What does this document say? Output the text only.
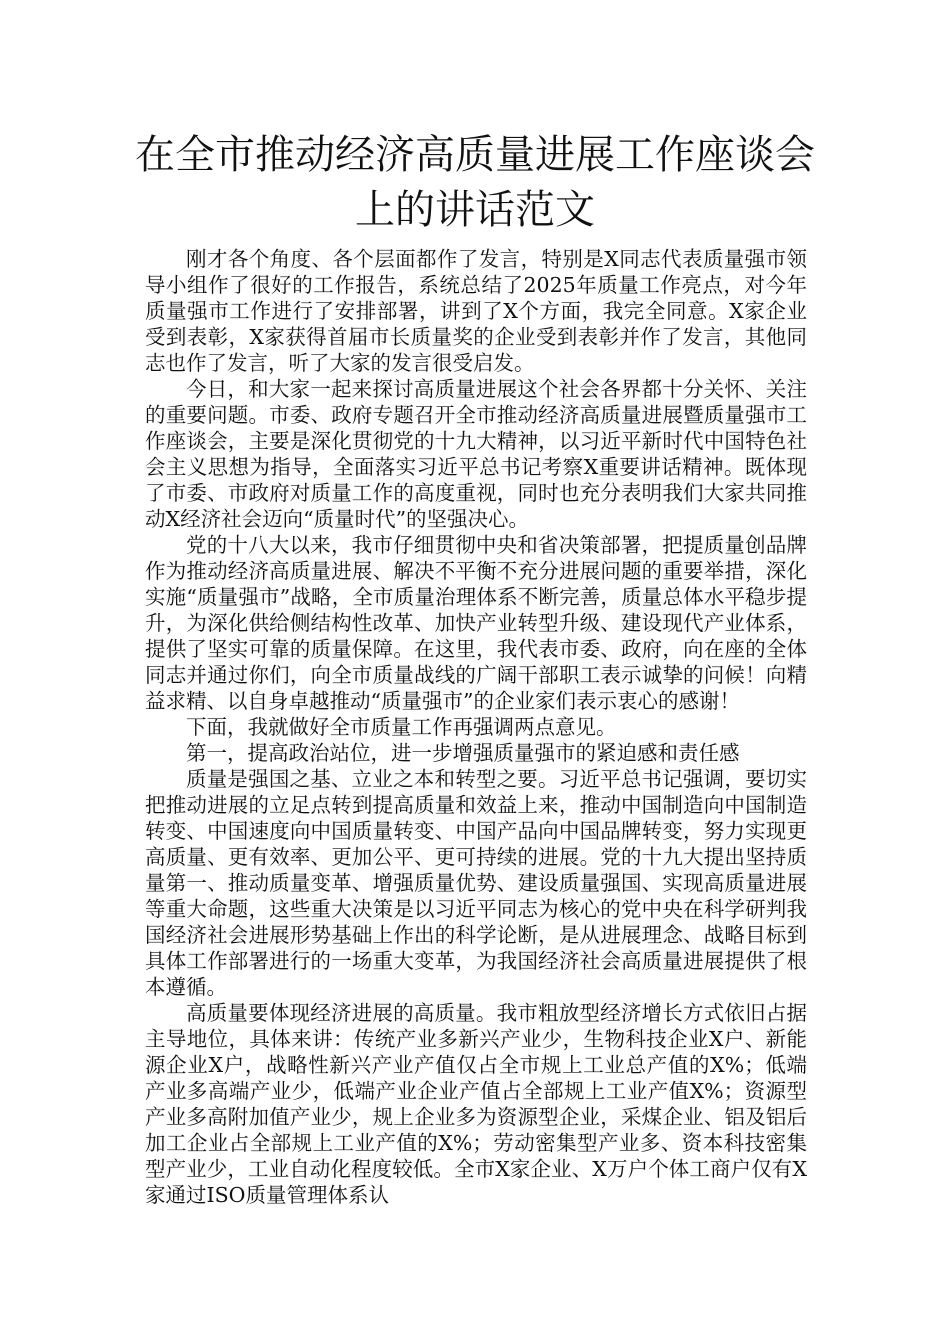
在全市推动经济高质量进展工作座谈会
上的讲话范文

刚才各个角度、各个层面都作了发言，特别是X同志代表质量强市领导小组作了很好的工作报告，系统总结了2025年质量工作亮点，对今年质量强市工作进行了安排部署，讲到了X个方面，我完全同意。X家企业受到表彰，X家获得首届市长质量奖的企业受到表彰并作了发言，其他同志也作了发言，听了大家的发言很受启发。

今日，和大家一起来探讨高质量进展这个社会各界都十分关怀、关注的重要问题。市委、政府专题召开全市推动经济高质量进展暨质量强市工作座谈会，主要是深化贯彻党的十九大精神，以习近平新时代中国特色社会主义思想为指导，全面落实习近平总书记考察X重要讲话精神。既体现了市委、市政府对质量工作的高度重视，同时也充分表明我们大家共同推动X经济社会迈向“质量时代”的坚强决心。

党的十八大以来，我市仔细贯彻中央和省决策部署，把提质量创品牌作为推动经济高质量进展、解决不平衡不充分进展问题的重要举措，深化实施“质量强市”战略，全市质量治理体系不断完善，质量总体水平稳步提升，为深化供给侧结构性改革、加快产业转型升级、建设现代产业体系，提供了坚实可靠的质量保障。在这里，我代表市委、政府，向在座的全体同志并通过你们，向全市质量战线的广阔干部职工表示诚挚的问候！向精益求精、以自身卓越推动“质量强市”的企业家们表示衷心的感谢！

下面，我就做好全市质量工作再强调两点意见。

第一，提高政治站位，进一步增强质量强市的紧迫感和责任感

质量是强国之基、立业之本和转型之要。习近平总书记强调，要切实把推动进展的立足点转到提高质量和效益上来，推动中国制造向中国制造转变、中国速度向中国质量转变、中国产品向中国品牌转变，努力实现更高质量、更有效率、更加公平、更可持续的进展。党的十九大提出坚持质量第一、推动质量变革、增强质量优势、建设质量强国、实现高质量进展等重大命题，这些重大决策是以习近平同志为核心的党中央在科学研判我国经济社会进展形势基础上作出的科学论断，是从进展理念、战略目标到具体工作部署进行的一场重大变革，为我国经济社会高质量进展提供了根本遵循。

高质量要体现经济进展的高质量。我市粗放型经济增长方式依旧占据主导地位，具体来讲：传统产业多新兴产业少，生物科技企业X户、新能源企业X户，战略性新兴产业产值仅占全市规上工业总产值的X%；低端产业多高端产业少，低端产业企业产值占全部规上工业产值X%；资源型产业多高附加值产业少，规上企业多为资源型企业，采煤企业、铝及铝后加工企业占全部规上工业产值的X%；劳动密集型产业多、资本科技密集型产业少，工业自动化程度较低。全市X家企业、X万户个体工商户仅有X家通过ISO质量管理体系认
